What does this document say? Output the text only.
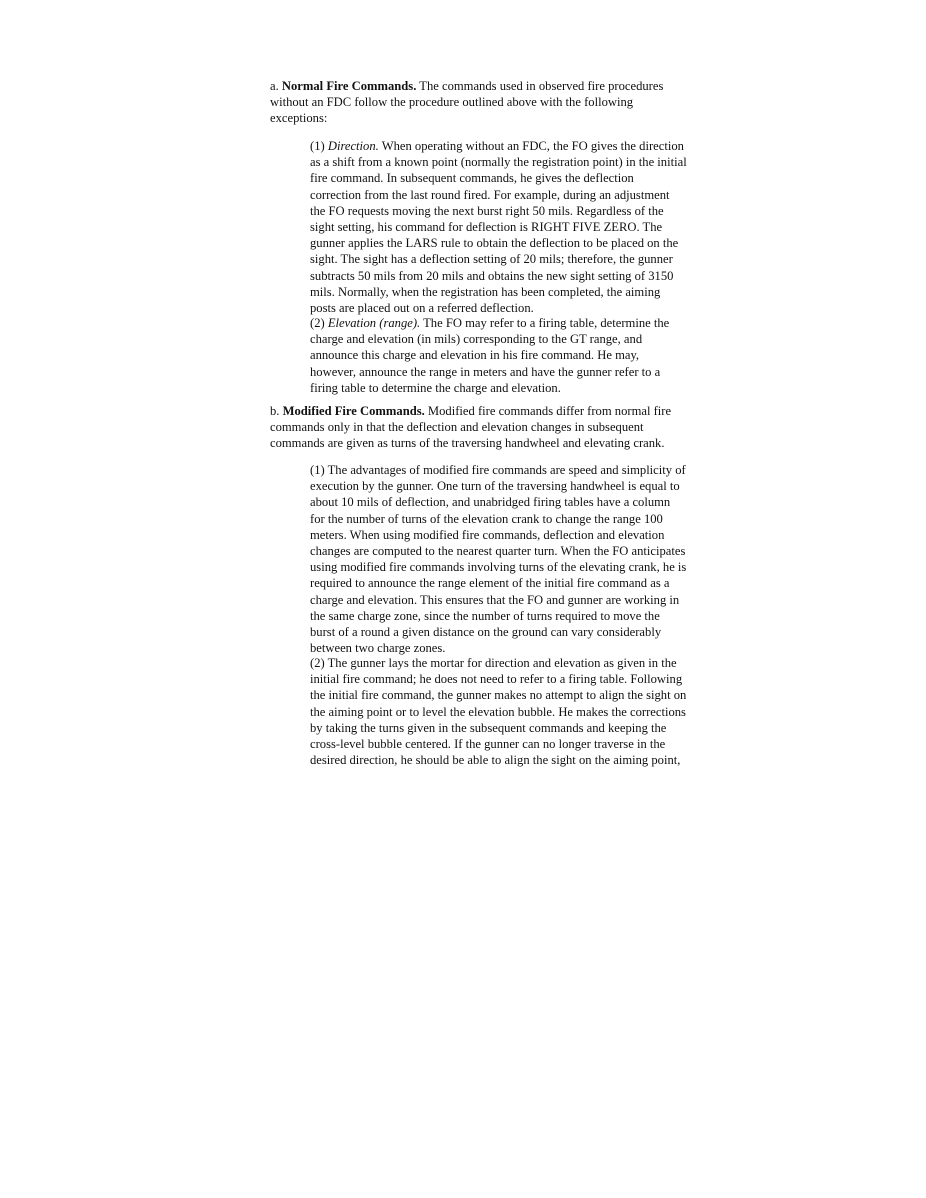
a. Normal Fire Commands. The commands used in observed fire procedures
without an FDC follow the procedure outlined above with the following
exceptions:

(1) Direction. When operating without an FDC, the FO gives the direction
as a shift from a known point (normally the registration point) in the initial
fire command. In subsequent commands, he gives the deflection
correction from the last round fired. For example, during an adjustment
the FO requests moving the next burst right 50 mils. Regardless of the
sight setting, his command for deflection is RIGHT FIVE ZERO. The
gunner applies the LARS rule to obtain the deflection to be placed on the
sight. The sight has a deflection setting of 20 mils; therefore, the gunner
subtracts 50 mils from 20 mils and obtains the new sight setting of 3150
mils. Normally, when the registration has been completed, the aiming
posts are placed out on a referred deflection.

(2) Elevation (range). The FO may refer to a firing table, determine the
charge and elevation (in mils) corresponding to the GT range, and
announce this charge and elevation in his fire command. He may,
however, announce the range in meters and have the gunner refer to a
firing table to determine the charge and elevation.

b. Modified Fire Commands. Modified fire commands differ from normal fire
commands only in that the deflection and elevation changes in subsequent
commands are given as turns of the traversing handwheel and elevating crank.

(1) The advantages of modified fire commands are speed and simplicity of
execution by the gunner. One turn of the traversing handwheel is equal to
about 10 mils of deflection, and unabridged firing tables have a column
for the number of turns of the elevation crank to change the range 100
meters. When using modified fire commands, deflection and elevation
changes are computed to the nearest quarter turn. When the FO anticipates
using modified fire commands involving turns of the elevating crank, he is
required to announce the range element of the initial fire command as a
charge and elevation. This ensures that the FO and gunner are working in
the same charge zone, since the number of turns required to move the
burst of a round a given distance on the ground can vary considerably
between two charge zones.

(2) The gunner lays the mortar for direction and elevation as given in the
initial fire command; he does not need to refer to a firing table. Following
the initial fire command, the gunner makes no attempt to align the sight on
the aiming point or to level the elevation bubble. He makes the corrections
by taking the turns given in the subsequent commands and keeping the
cross-level bubble centered. If the gunner can no longer traverse in the
desired direction, he should be able to align the sight on the aiming point,
